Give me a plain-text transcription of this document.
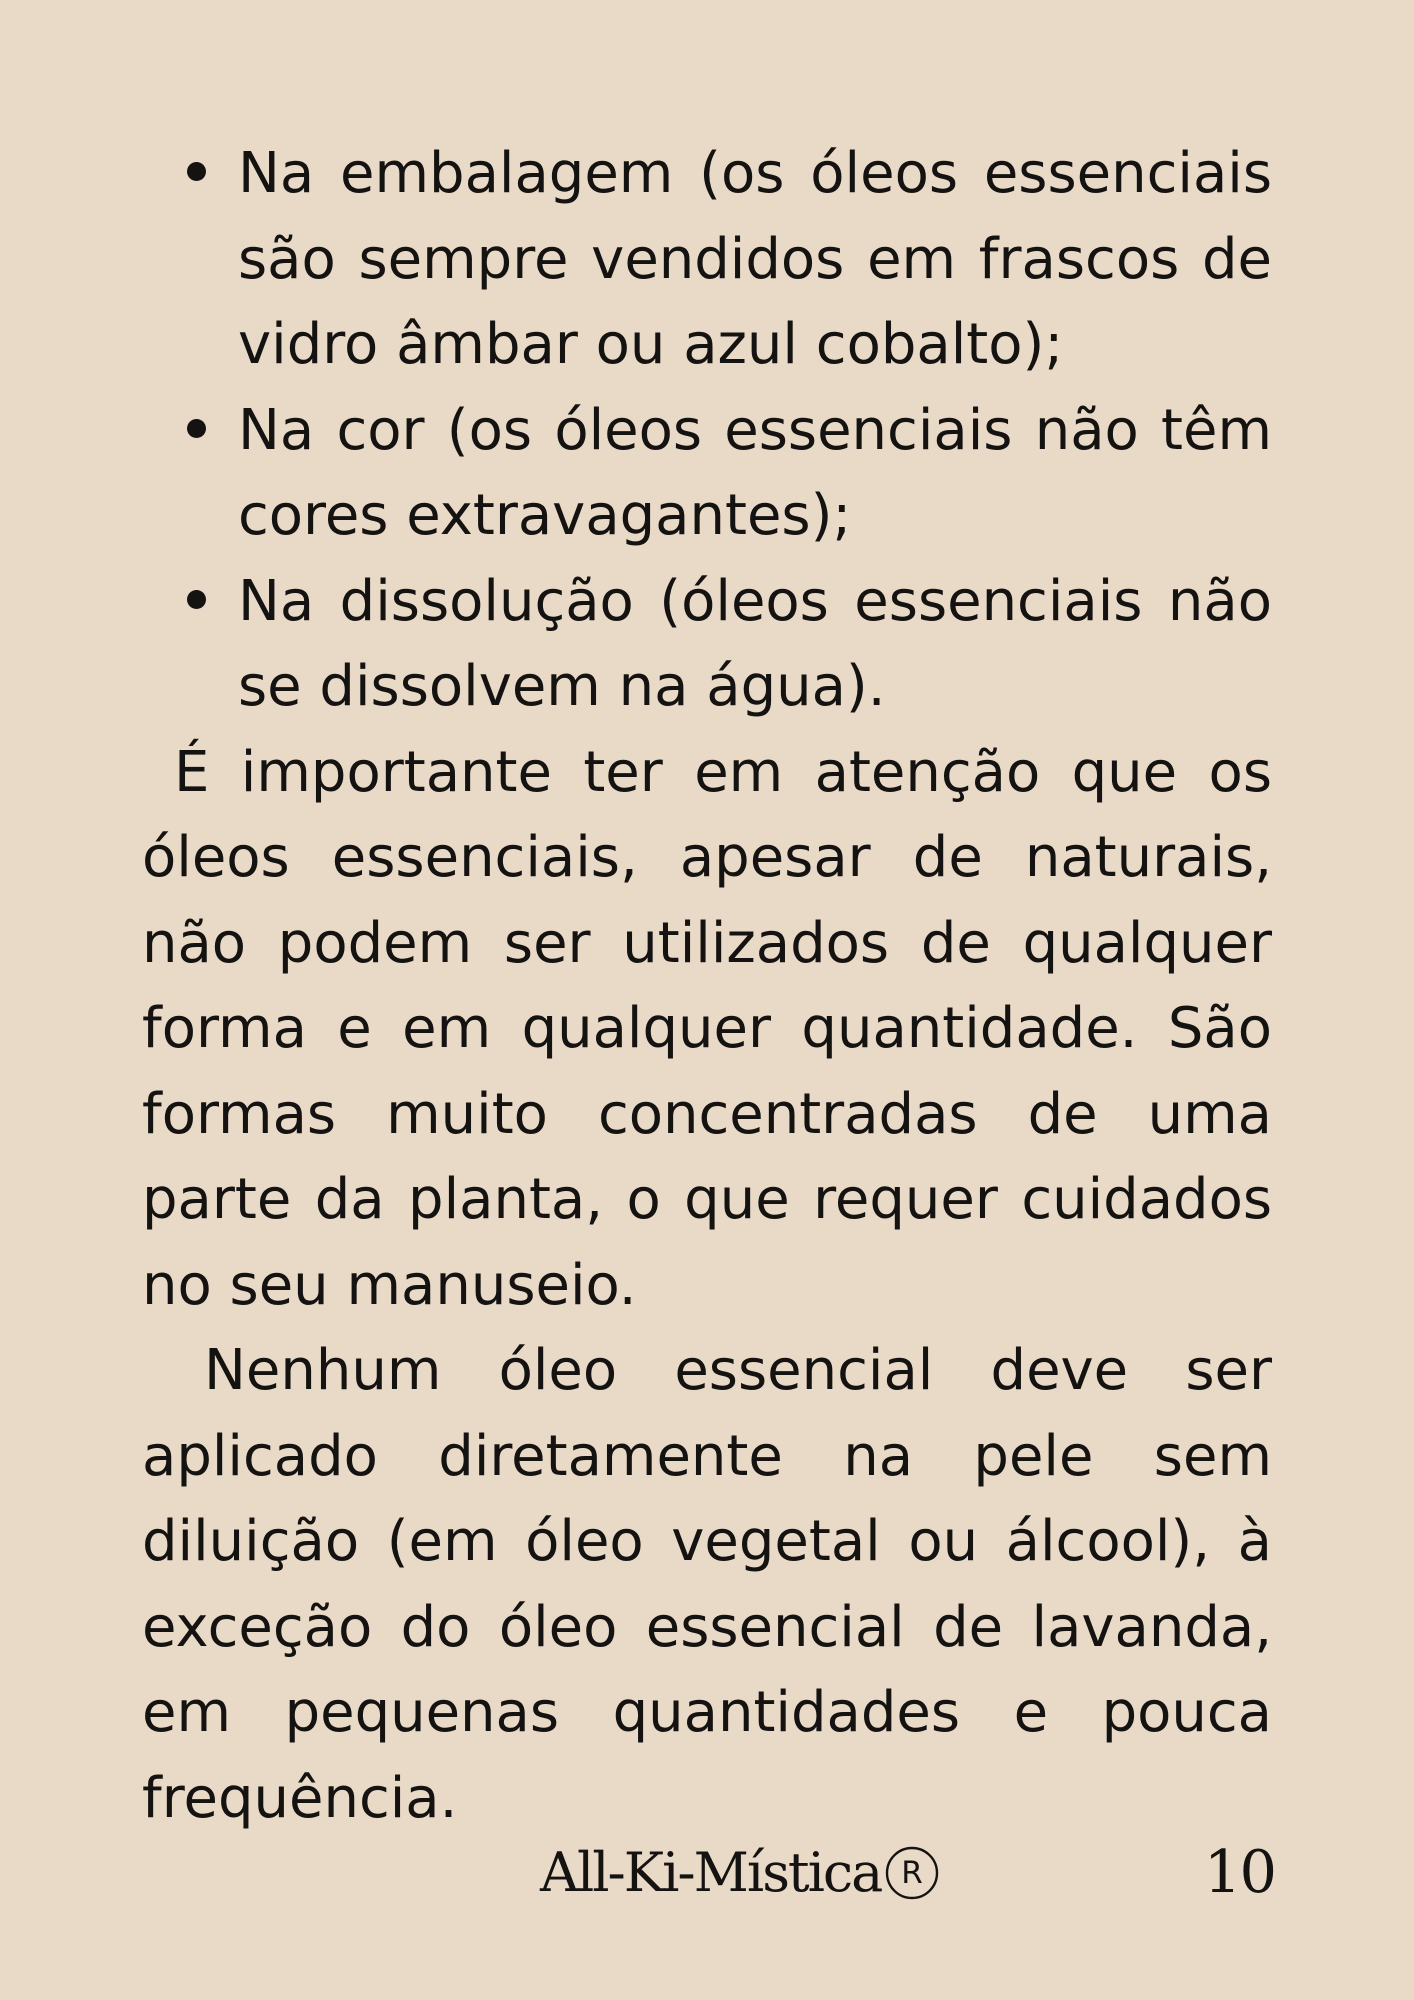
Na embalagem (os óleos essenciais são sempre vendidos em frascos de vidro âmbar ou azul cobalto);
Na cor (os óleos essenciais não têm cores extravagantes);
Na dissolução (óleos essenciais não se dissolvem na água).

É importante ter em atenção que os óleos essenciais, apesar de naturais, não podem ser utilizados de qualquer forma e em qualquer quantidade. São formas muito concentradas de uma parte da planta, o que requer cuidados no seu manuseio.

Nenhum óleo essencial deve ser aplicado diretamente na pele sem diluição (em óleo vegetal ou álcool), à exceção do óleo essencial de lavanda, em pequenas quantidades e pouca frequência.

All-Ki-Mística R	10
